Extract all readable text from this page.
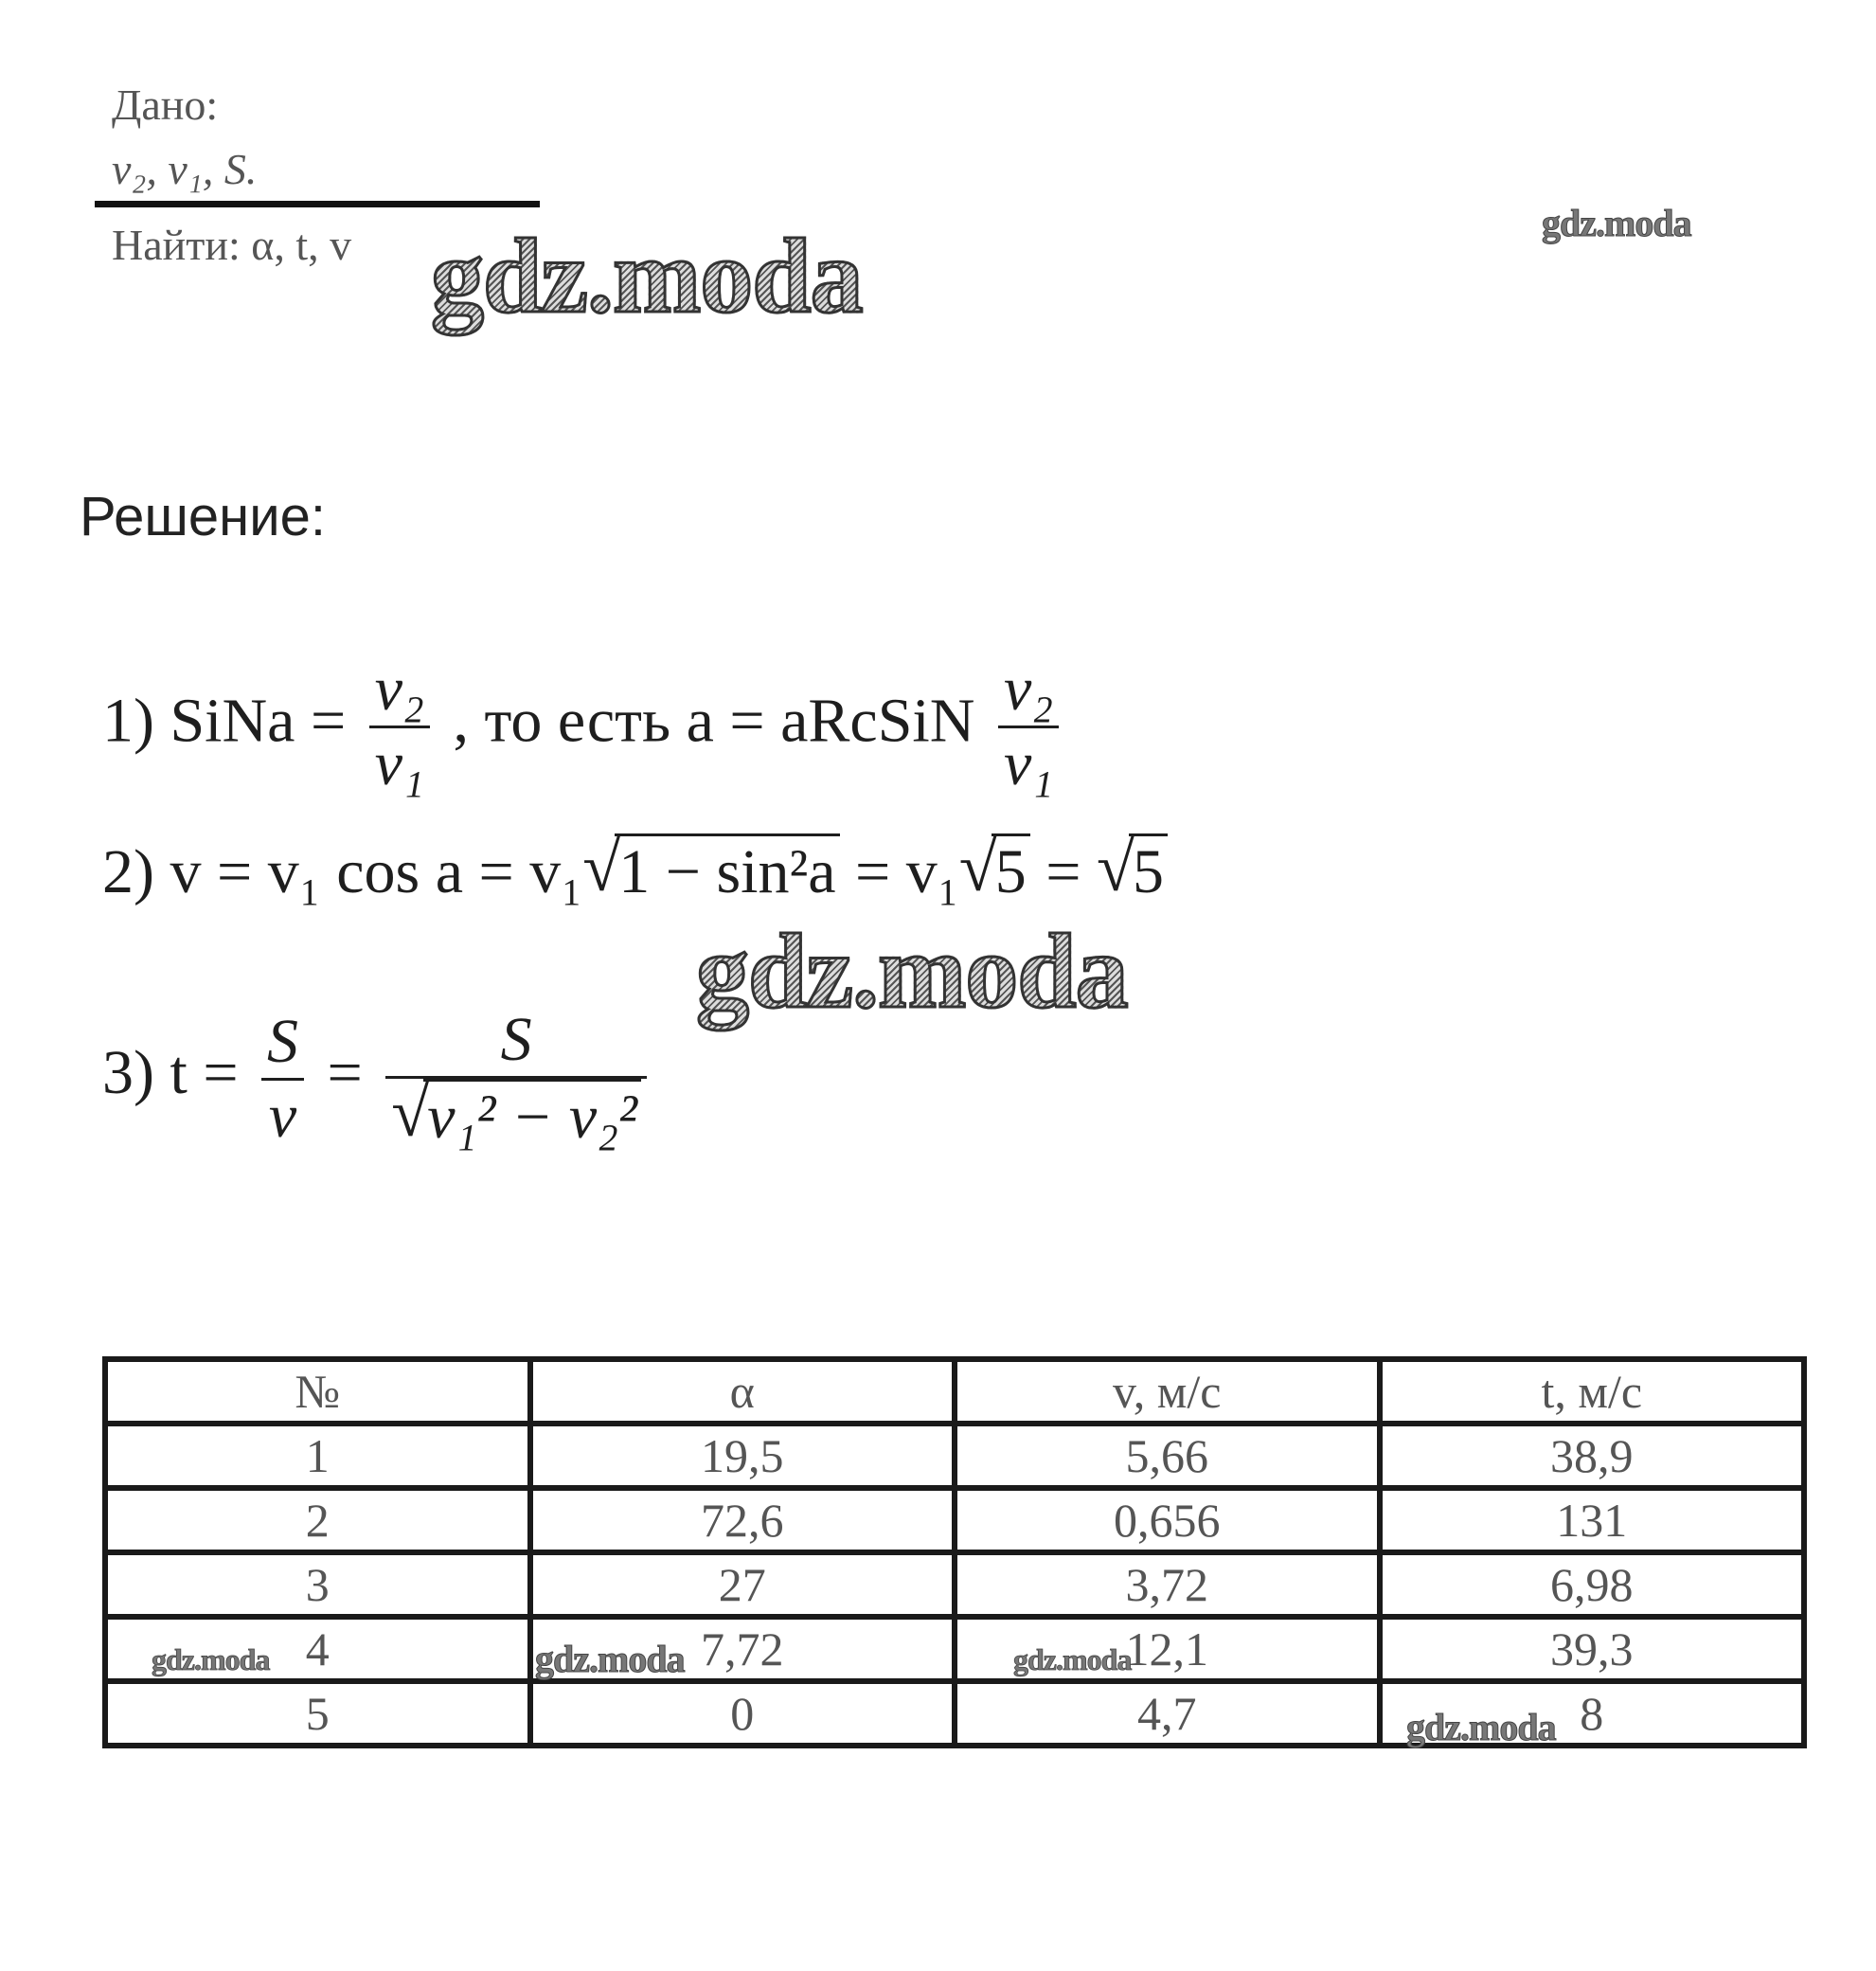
Дано:
v₂, v₁, S.
Найти: α, t, v gdz.moda	gdz.moda
gdz.moda
Решение:
1) SiNa = $\frac{\text{v₂}}{\text{v₁}}$ , то есть a = aRcSiN $\frac{\text{v₂}}{\text{v₁}}$
2) v = v₁ cos a = v₁ √ 1 − sin²a = v₁ √ 5 = √ 5
3) $t = \frac{S}{v} = S$
√ v₁² − v₂²
№	α	v, м/с	t, м/с
1	19,5	5,66	38,9
2	72,6	0,656	131
3	27	3,72	6,98
4	7,72	12,1	39,3
5	0	4,7	8
gdz.moda	gdz.moda	gdz.moda
gdz.moda
